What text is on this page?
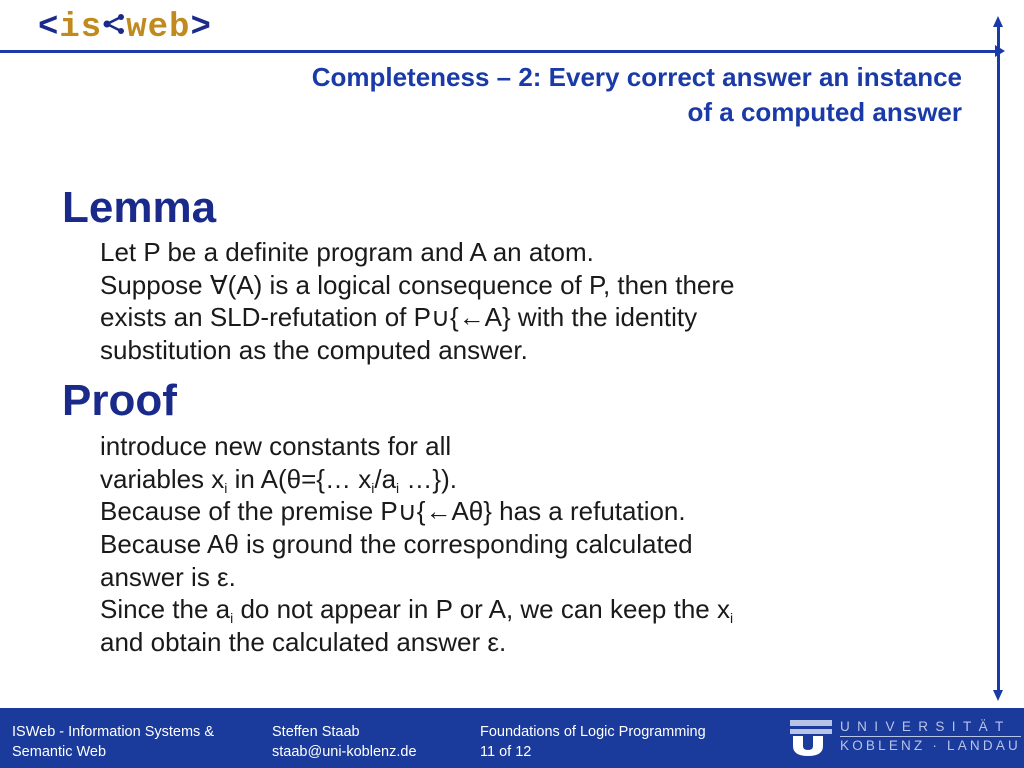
<is web>
Completeness – 2: Every correct answer an instance
of a computed answer
Lemma
Let P be a definite program and A an atom.
Suppose ∀(A) is a logical consequence of P, then there
exists an SLD-refutation of P∪{←A} with the identity
substitution as the computed answer.
Proof
introduce new constants for all
variables $x_i$ in A(θ={… $x_i/a_i$ …}).
Because of the premise P∪{←Aθ} has a refutation.
Because Aθ is ground the corresponding calculated
answer is ε.
Since the $a_i$ do not appear in P or A, we can keep the $x_i$
and obtain the calculated answer ε.
ISWeb - Information Systems &
Semantic Web
Steffen Staab
staab@uni-koblenz.de
Foundations of Logic Programming
11 of 12
UNIVERSITÄT
KOBLENZ · LANDAU
